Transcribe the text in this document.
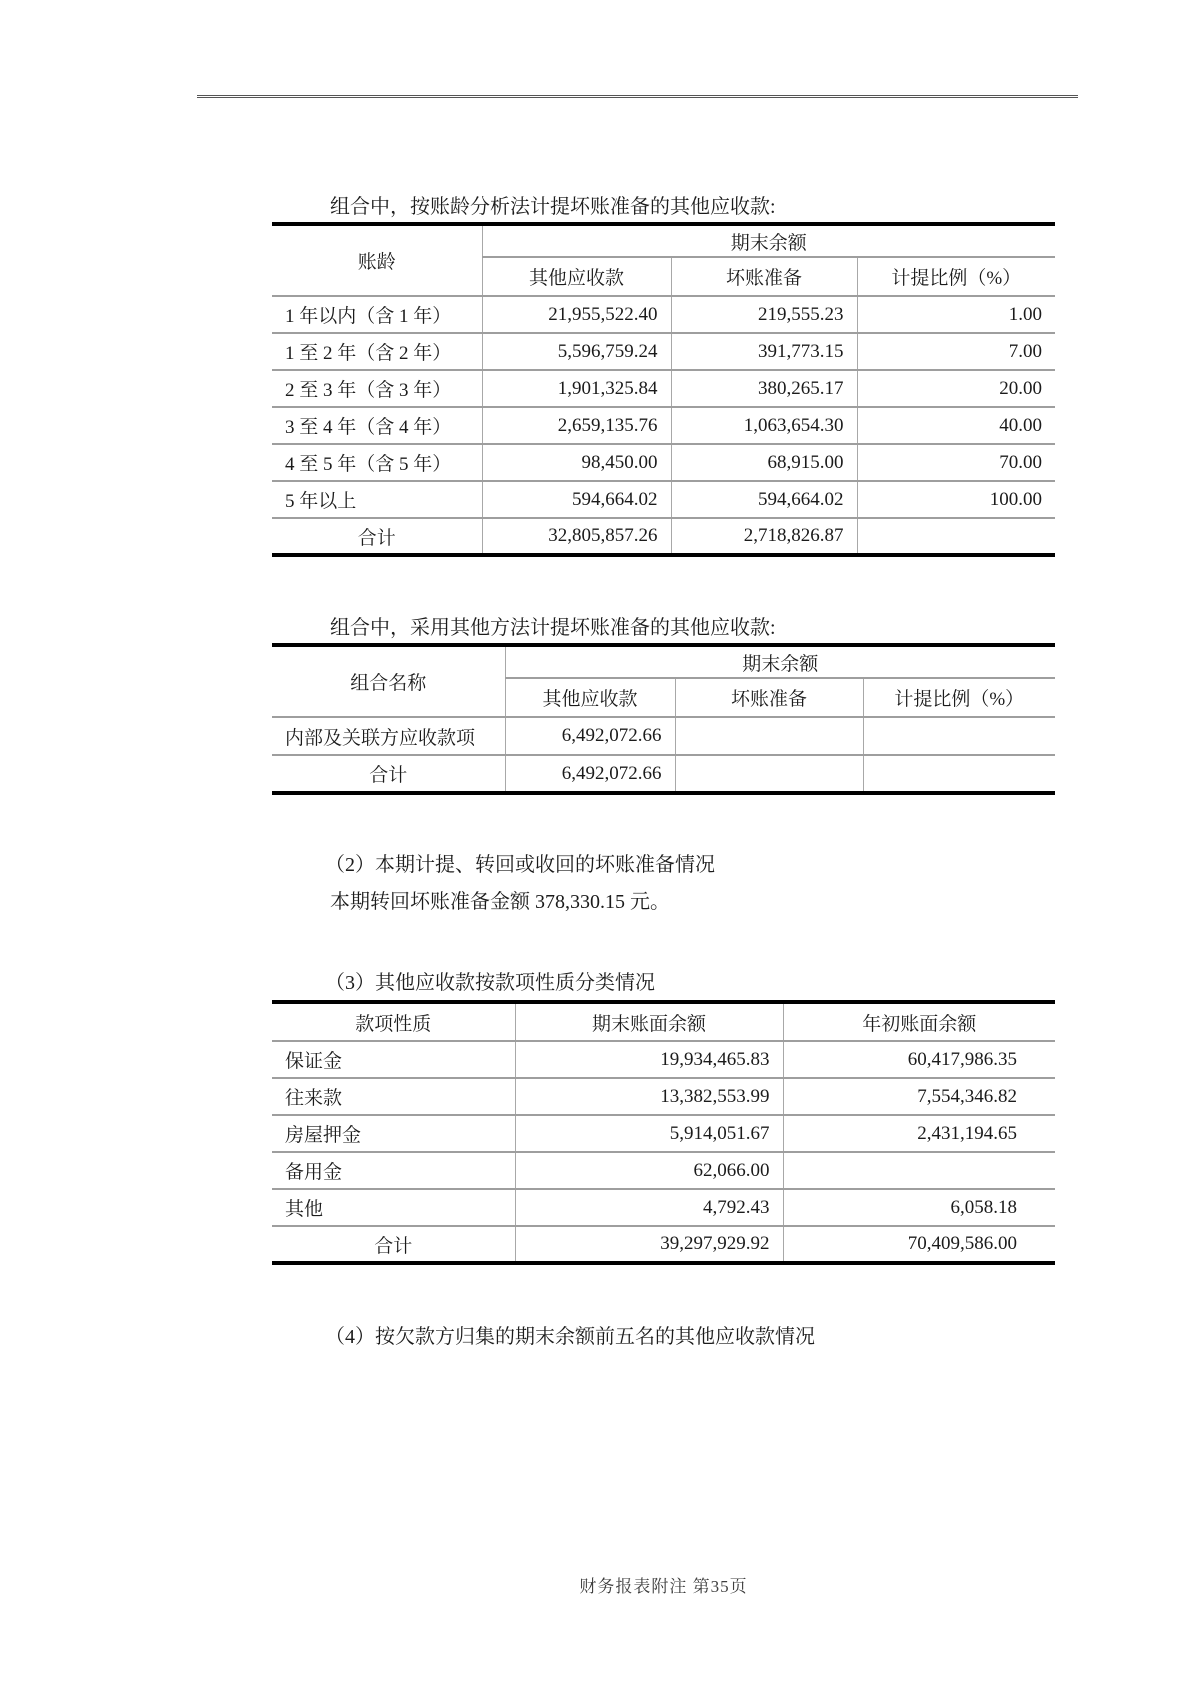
组合中，按账龄分析法计提坏账准备的其他应收款:
账龄	期末余额		
	其他应收款	坏账准备	计提比例（%）
1 年以内（含 1 年）	21,955,522.40	219,555.23	1.00
1 至 2 年（含 2 年）	5,596,759.24	391,773.15	7.00
2 至 3 年（含 3 年）	1,901,325.84	380,265.17	20.00
3 至 4 年（含 4 年）	2,659,135.76	1,063,654.30	40.00
4 至 5 年（含 5 年）	98,450.00	68,915.00	70.00
5 年以上	594,664.02	594,664.02	100.00
合计	32,805,857.26	2,718,826.87	
组合中，采用其他方法计提坏账准备的其他应收款:
组合名称	期末余额		
	其他应收款	坏账准备	计提比例（%）
内部及关联方应收款项	6,492,072.66		
合计	6,492,072.66		
（2）本期计提、转回或收回的坏账准备情况
本期转回坏账准备金额 378,330.15 元。
（3）其他应收款按款项性质分类情况
款项性质	期末账面余额	年初账面余额
保证金	19,934,465.83	60,417,986.35
往来款	13,382,553.99	7,554,346.82
房屋押金	5,914,051.67	2,431,194.65
备用金	62,066.00	
其他	4,792.43	6,058.18
合计	39,297,929.92	70,409,586.00
（4）按欠款方归集的期末余额前五名的其他应收款情况
财务报表附注 第35页
